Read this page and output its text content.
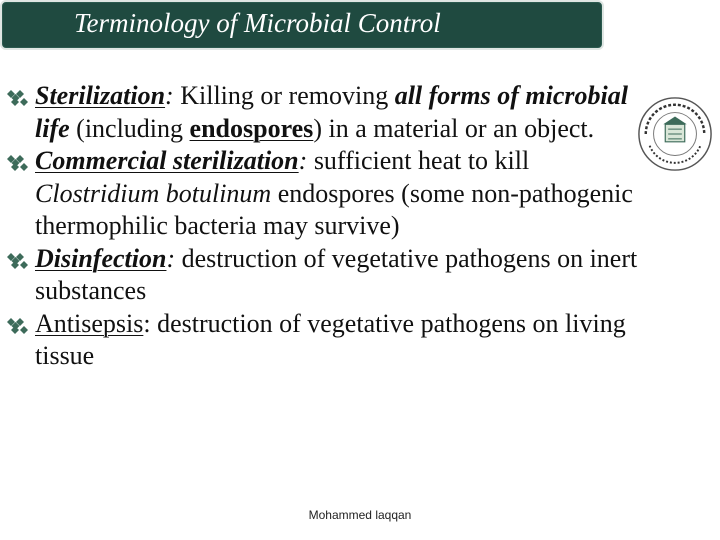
Terminology of Microbial Control

Sterilization: Killing or removing all forms of microbial life (including endospores) in a material or an object.

Commercial sterilization: sufficient heat to kill Clostridium botulinum endospores (some non-pathogenic thermophilic bacteria may survive)

Disinfection: destruction of vegetative pathogens on inert substances

Antisepsis: destruction of vegetative pathogens on living tissue

Mohammed laqqan
